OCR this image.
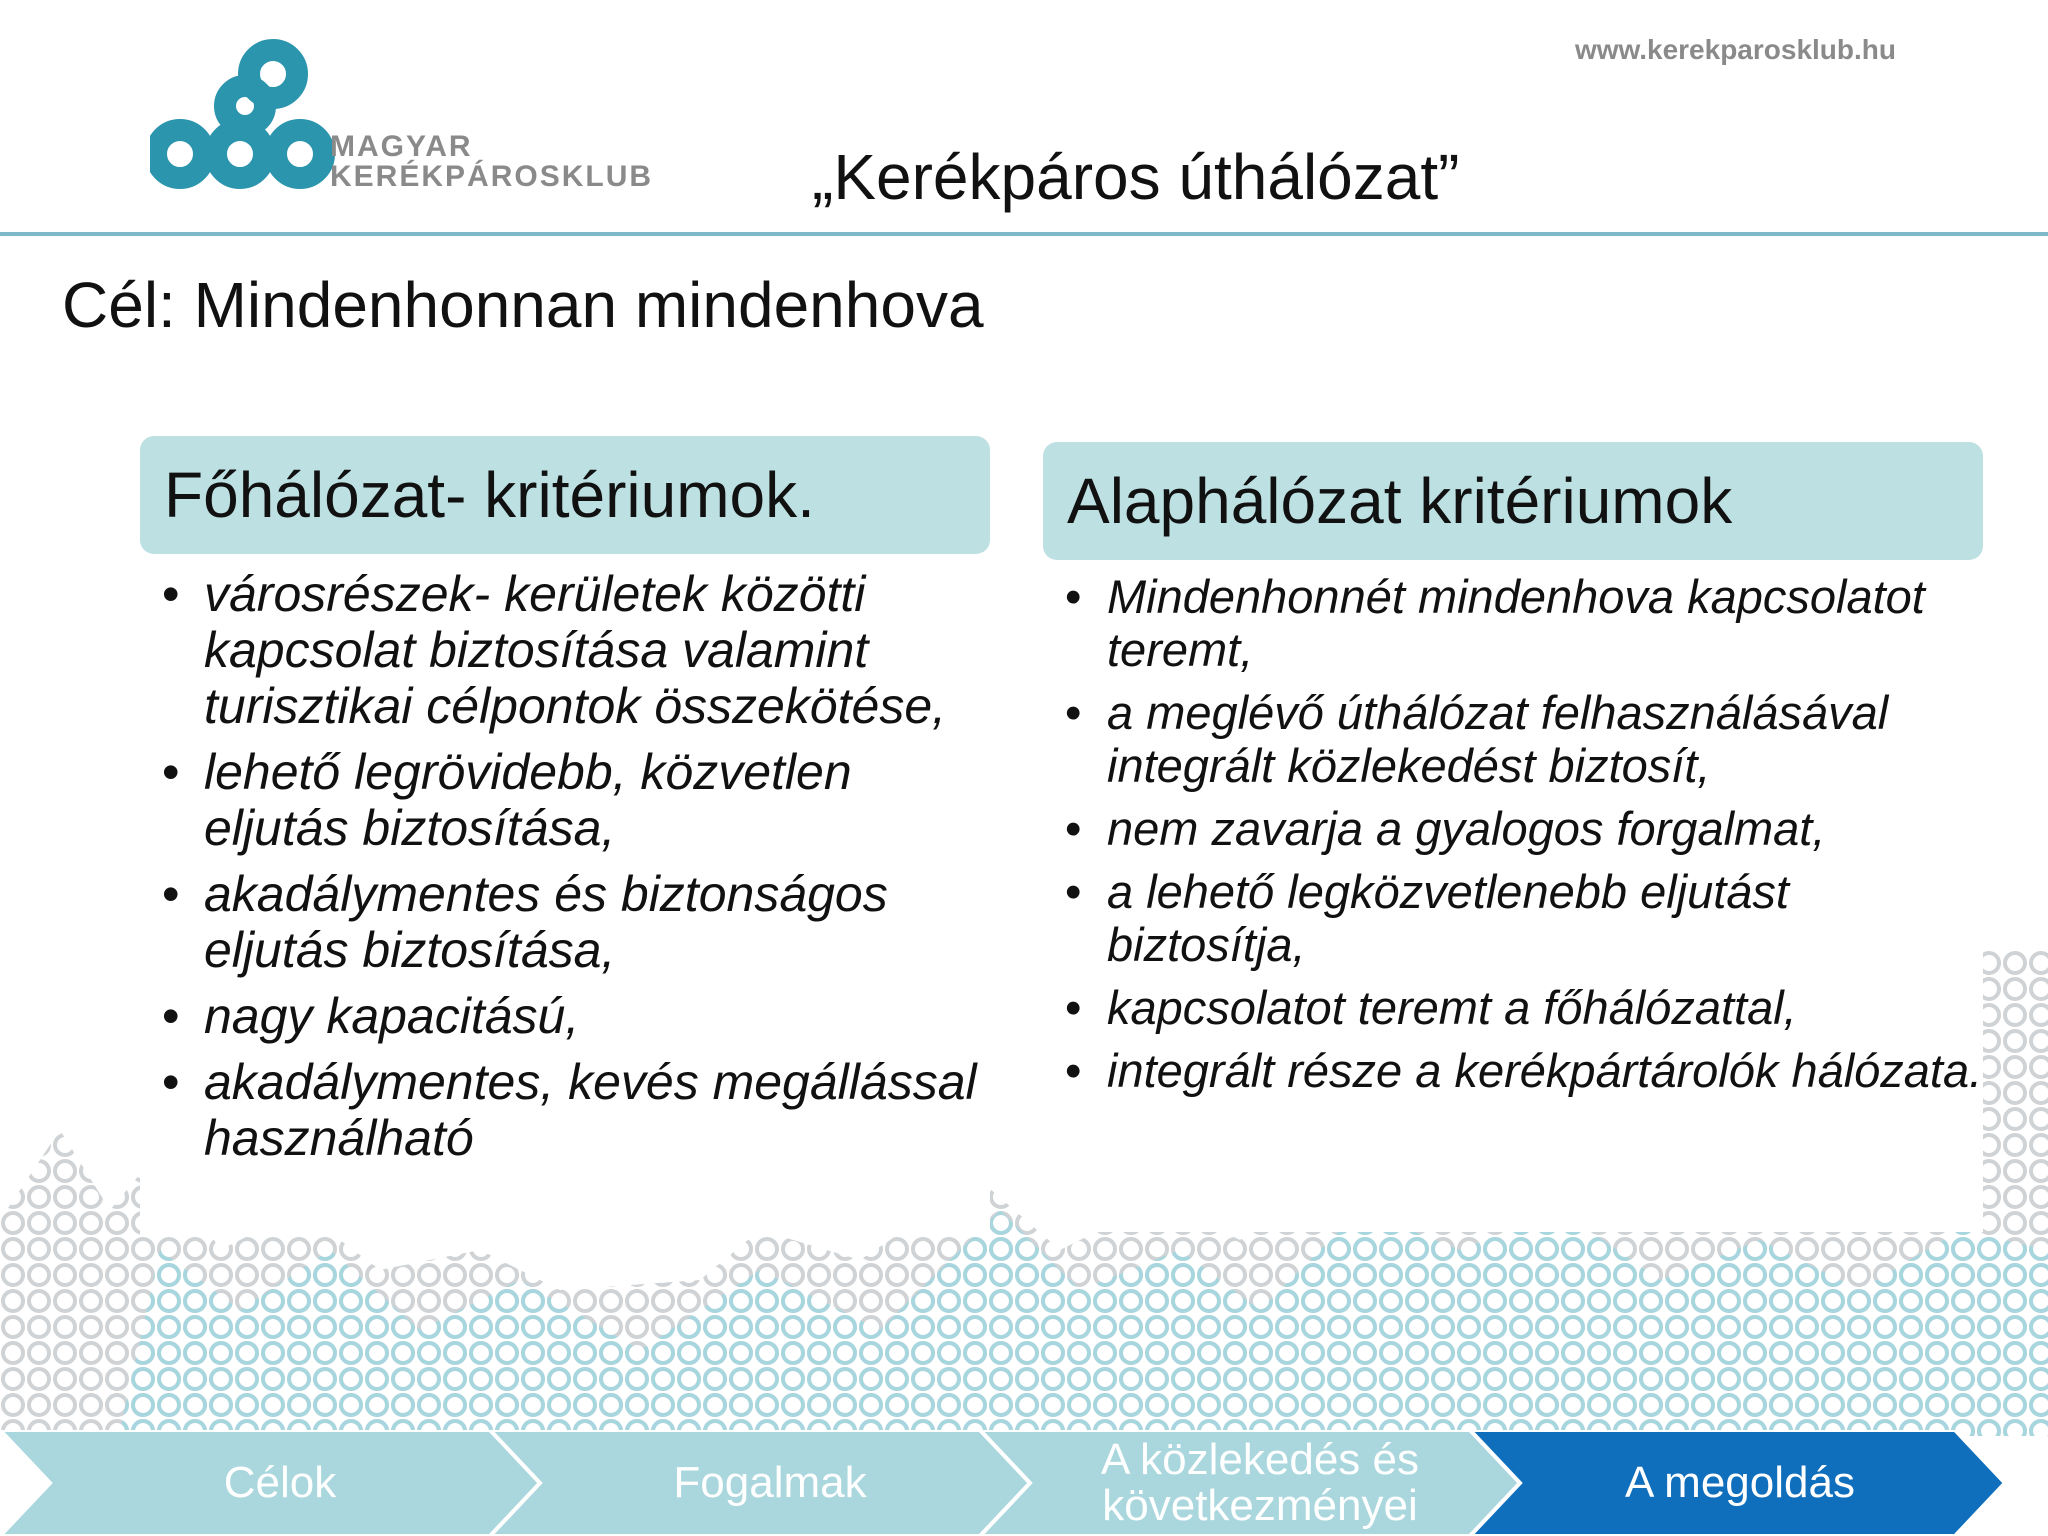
MAGYAR
KERÉKPÁROSKLUB
www.kerekparosklub.hu
„Kerékpáros úthálózat”
Cél: Mindenhonnan mindenhova
Főhálózat- kritériumok.
• városrészek- kerületek közötti kapcsolat biztosítása valamint turisztikai célpontok összekötése,
• lehető legrövidebb, közvetlen eljutás biztosítása,
• akadálymentes és biztonságos eljutás biztosítása,
• nagy kapacitású,
• akadálymentes, kevés megállással használható
Alaphálózat kritériumok
• Mindenhonnét mindenhova kapcsolatot teremt,
• a meglévő úthálózat felhasználásával integrált közlekedést biztosít,
• nem zavarja a gyalogos forgalmat,
• a lehető legközvetlenebb eljutást biztosítja,
• kapcsolatot teremt a főhálózattal,
• integrált része a kerékpártárolók hálózata.
Célok	Fogalmak	A közlekedés és következményei	A megoldás
